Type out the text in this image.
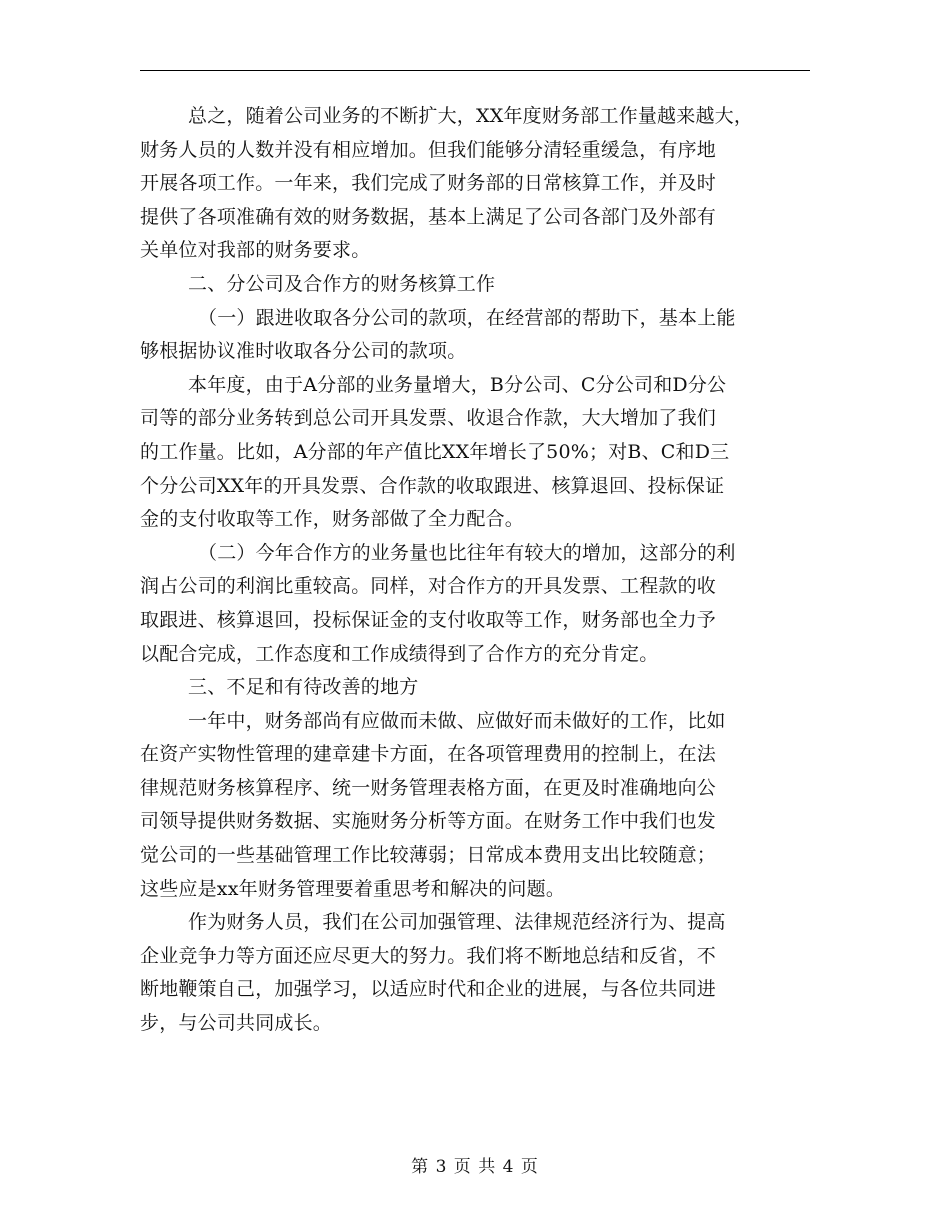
总之，随着公司业务的不断扩大，XX年度财务部工作量越来越大，
财务人员的人数并没有相应增加。但我们能够分清轻重缓急，有序地
开展各项工作。一年来，我们完成了财务部的日常核算工作，并及时
提供了各项准确有效的财务数据，基本上满足了公司各部门及外部有
关单位对我部的财务要求。
二、分公司及合作方的财务核算工作
（一）跟进收取各分公司的款项，在经营部的帮助下，基本上能
够根据协议准时收取各分公司的款项。
本年度，由于A分部的业务量增大，B分公司、C分公司和D分公
司等的部分业务转到总公司开具发票、收退合作款，大大增加了我们
的工作量。比如，A分部的年产值比XX年增长了50%；对B、C和D三
个分公司XX年的开具发票、合作款的收取跟进、核算退回、投标保证
金的支付收取等工作，财务部做了全力配合。
（二）今年合作方的业务量也比往年有较大的增加，这部分的利
润占公司的利润比重较高。同样，对合作方的开具发票、工程款的收
取跟进、核算退回，投标保证金的支付收取等工作，财务部也全力予
以配合完成，工作态度和工作成绩得到了合作方的充分肯定。
三、不足和有待改善的地方
一年中，财务部尚有应做而未做、应做好而未做好的工作，比如
在资产实物性管理的建章建卡方面，在各项管理费用的控制上，在法
律规范财务核算程序、统一财务管理表格方面，在更及时准确地向公
司领导提供财务数据、实施财务分析等方面。在财务工作中我们也发
觉公司的一些基础管理工作比较薄弱；日常成本费用支出比较随意；
这些应是xx年财务管理要着重思考和解决的问题。
作为财务人员，我们在公司加强管理、法律规范经济行为、提高
企业竞争力等方面还应尽更大的努力。我们将不断地总结和反省，不
断地鞭策自己，加强学习，以适应时代和企业的进展，与各位共同进
步，与公司共同成长。
第 3 页 共 4 页
